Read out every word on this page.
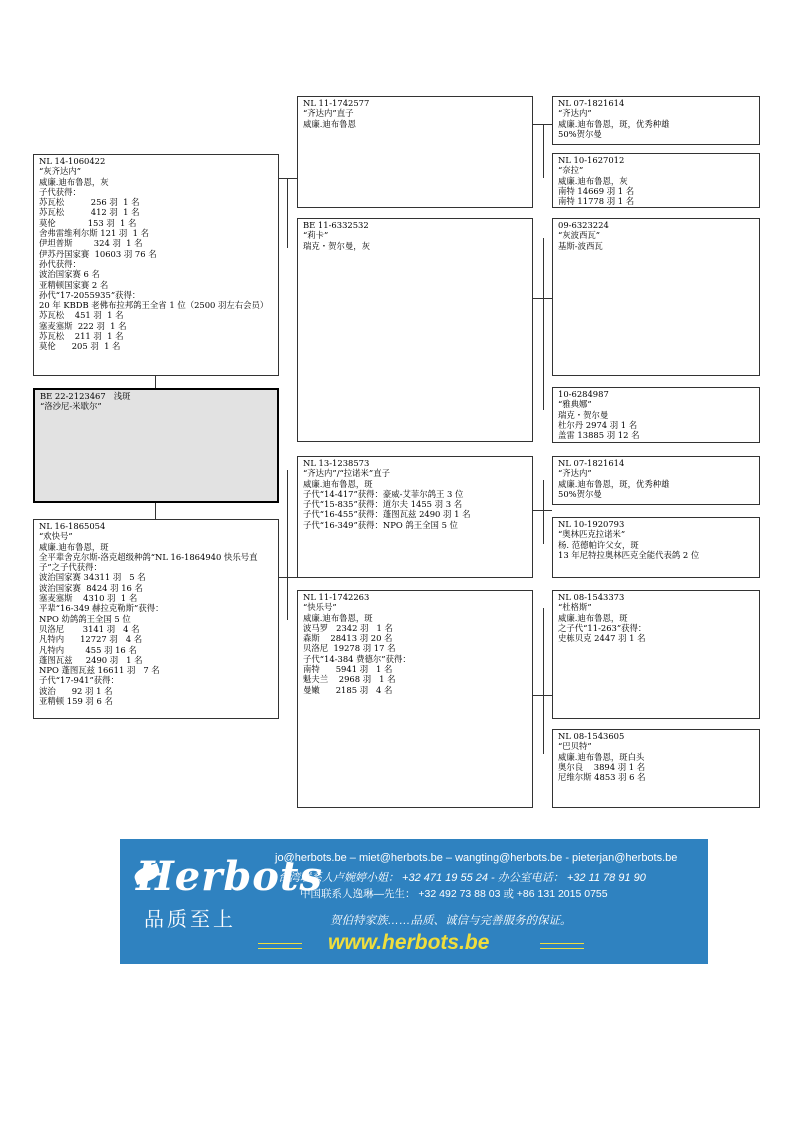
NL 14-1060422
“灰齐达内”
威廉.迪布鲁恩，灰
子代获得：
苏瓦松          256 羽  1 名
苏瓦松          412 羽  1 名
莫伦            153 羽  1 名
舍弗雷维利尔斯 121 羽  1 名
伊坦普斯        324 羽  1 名
伊苏丹国家赛  10603 羽 76 名
孙代获得：
波治国家赛 6 名
亚精顿国家赛 2 名
孙代“17-2055935”获得：
20 年 KBDB 老佛布拉邦鸽王全省 1 位（2500 羽左右会员）
苏瓦松    451 羽  1 名
塞麦塞斯  222 羽  1 名
苏瓦松    211 羽  1 名
莫伦      205 羽  1 名
BE 22-2123467   浅斑
“洛沙尼-米歇尔”
NL 16-1865054
“欢快号”
威廉.迪布鲁恩，斑
全平辈舍克尔斯-洛克超级种鸽“NL 16-1864940 快乐号直子”之子代获得：
波治国家赛 34311 羽   5 名
波治国家赛  8424 羽 16 名
塞麦塞斯    4310 羽  1 名
平辈“16-349 赫拉克勒斯”获得：
NPO 幼鸽鸽王全国 5 位
贝洛尼       3141 羽   4 名
凡特内      12727 羽   4 名
凡特内        455 羽 16 名
蓬图瓦兹     2490 羽   1 名
NPO 蓬图瓦兹 16611 羽   7 名
子代“17-941”获得：
波治      92 羽 1 名
亚精顿 159 羽 6 名
NL 11-1742577
“齐达内”直子
威廉.迪布鲁恩
BE 11-6332532
“莉卡”
瑞克・贺尔曼，灰
NL 13-1238573
“齐达内”/“拉诺米”直子
威廉.迪布鲁恩，斑
子代“14-417”获得：豪威-艾菲尔鸽王 3 位
子代“15-835”获得：道尔夫 1455 羽 3 名
子代“16-455”获得：蓬图瓦兹 2490 羽 1 名
子代“16-349”获得：NPO 鸽王全国 5 位
NL 11-1742263
“快乐号”
威廉.迪布鲁恩，斑
波马罗   2342 羽   1 名
森斯    28413 羽 20 名
贝洛尼  19278 羽 17 名
子代“14-384 费德尔”获得：
南特      5941 羽   1 名
魁夫兰    2968 羽   1 名
曼嫩      2185 羽   4 名
NL 07-1821614
“齐达内”
威廉.迪布鲁恩，斑，优秀种雄
50%贺尔曼
NL 10-1627012
“奈拉”
威廉.迪布鲁恩，灰
南特 14669 羽 1 名
南特 11778 羽 1 名
09-6323224
“灰波西瓦”
基斯-波西瓦
10-6284987
“雅典娜”
瑞克・贺尔曼
杜尔丹 2974 羽 1 名
盖雷 13885 羽 12 名
NL 07-1821614
“齐达内”
威廉.迪布鲁恩，斑，优秀种雄
50%贺尔曼
NL 10-1920793
“奥林匹克拉诺米”
杨. 范德帕许父女，斑
13 年尼特拉奥林匹克全能代表鸽 2 位
NL 08-1543373
“杜格斯”
威廉.迪布鲁恩，斑
之子代“11-263”获得：
史栋贝克 2447 羽 1 名
NL 08-1543605
“巴贝特”
威廉.迪布鲁恩，斑白头
奥尔良    3894 羽 1 名
尼维尔斯 4853 羽 6 名
Herbots
品质至上
jo@herbots.be – miet@herbots.be – wangting@herbots.be - pieterjan@herbots.be
台湾联系人卢婉婷小姐： +32 471 19 55 24 - 办公室电话： +32 11 78 91 90
中国联系人逸琳—先生： +32 492 73 88 03 或 +86 131 2015 0755
贺伯特家族……品质、诚信与完善服务的保证。
www.herbots.be
